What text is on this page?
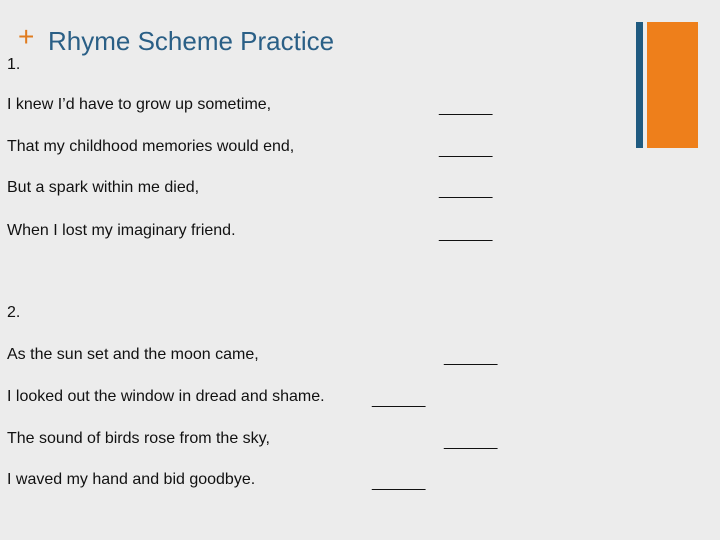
+ Rhyme Scheme Practice
1.
I knew I’d have to grow up sometime,	______
That my childhood memories would end,	______
But a spark within me died,	______
When I lost my imaginary friend.	______
2.
As the sun set and the moon came,	______
I looked out the window in dread and shame.	______
The sound of birds rose from the sky,	______
I waved my hand and bid goodbye.	______
